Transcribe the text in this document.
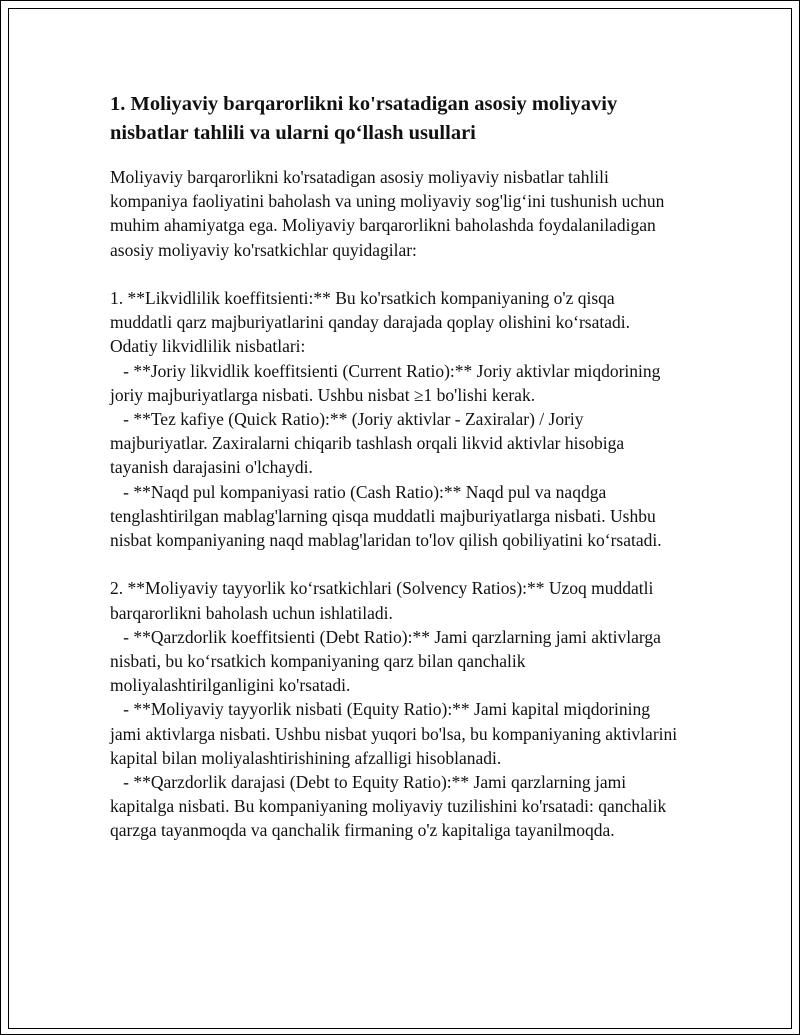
1. Moliyaviy barqarorlikni ko'rsatadigan asosiy moliyaviy nisbatlar tahlili va ularni qo‘llash usullari

Moliyaviy barqarorlikni ko'rsatadigan asosiy moliyaviy nisbatlar tahlili kompaniya faoliyatini baholash va uning moliyaviy sog'lig‘ini tushunish uchun muhim ahamiyatga ega. Moliyaviy barqarorlikni baholashda foydalaniladigan asosiy moliyaviy ko'rsatkichlar quyidagilar:

1. **Likvidlilik koeffitsienti:** Bu ko'rsatkich kompaniyaning o'z qisqa muddatli qarz majburiyatlarini qanday darajada qoplay olishini ko‘rsatadi. Odatiy likvidlilik nisbatlari:

- **Joriy likvidlik koeffitsienti (Current Ratio):** Joriy aktivlar miqdorining joriy majburiyatlarga nisbati. Ushbu nisbat ≥1 bo'lishi kerak.

- **Tez kafiye (Quick Ratio):** (Joriy aktivlar - Zaxiralar) / Joriy majburiyatlar. Zaxiralarni chiqarib tashlash orqali likvid aktivlar hisobiga tayanish darajasini o'lchaydi.

- **Naqd pul kompaniyasi ratio (Cash Ratio):** Naqd pul va naqdga tenglashtirilgan mablag'larning qisqa muddatli majburiyatlarga nisbati. Ushbu nisbat kompaniyaning naqd mablag'laridan to'lov qilish qobiliyatini ko‘rsatadi.

2. **Moliyaviy tayyorlik ko‘rsatkichlari (Solvency Ratios):** Uzoq muddatli barqarorlikni baholash uchun ishlatiladi.

- **Qarzdorlik koeffitsienti (Debt Ratio):** Jami qarzlarning jami aktivlarga nisbati, bu ko‘rsatkich kompaniyaning qarz bilan qanchalik moliyalashtirilganligini ko'rsatadi.

- **Moliyaviy tayyorlik nisbati (Equity Ratio):** Jami kapital miqdorining jami aktivlarga nisbati. Ushbu nisbat yuqori bo'lsa, bu kompaniyaning aktivlarini kapital bilan moliyalashtirishining afzalligi hisoblanadi.

- **Qarzdorlik darajasi (Debt to Equity Ratio):** Jami qarzlarning jami kapitalga nisbati. Bu kompaniyaning moliyaviy tuzilishini ko'rsatadi: qanchalik qarzga tayanmoqda va qanchalik firmaning o'z kapitaliga tayanilmoqda.
